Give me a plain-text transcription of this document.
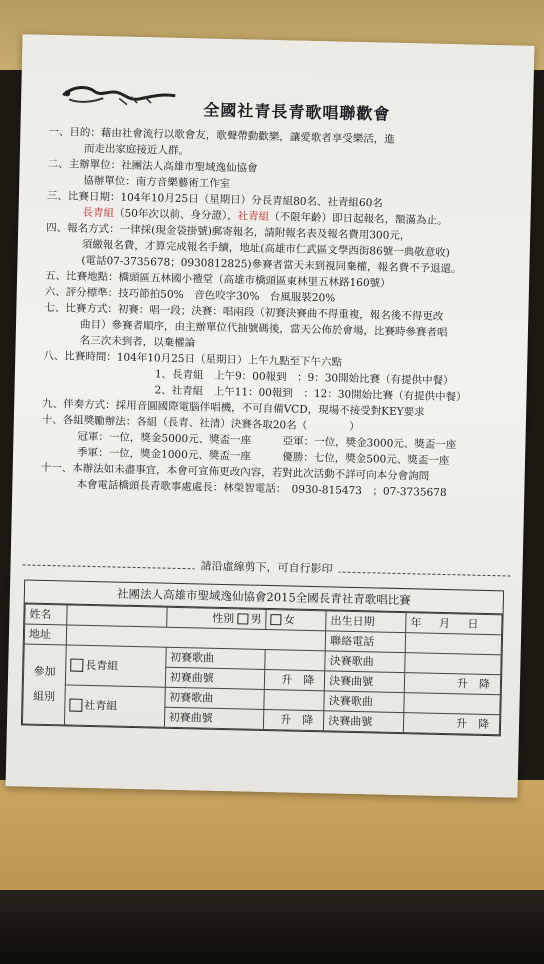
全國社青長青歌唱聯歡會
一、目的：藉由社會流行以歌會友，歌聲帶動歡樂，讓愛歌者享受樂活，進
而走出家庭接近人群。
二、主辦單位：社團法人高雄市聖域逸仙協會
協辦單位：南方音樂藝術工作室
三、比賽日期：104年10月25日（星期日）分長青組80名、社青組60名
長青組（50年次以前、身分證），社青組（不限年齡）即日起報名，額滿為止。
四、報名方式：一律採(現金袋掛號)郵寄報名，請附報名表及報名費用300元，
須繳報名費，才算完成報名手續，地址(高雄市仁武區文學西街86號一典敬意收)
(電話07-3735678；0930812825)參賽者當天未到視同棄權，報名費不予退還。
五、比賽地點：橋頭區五林國小禮堂（高雄市橋頭區東林里五林路160號）
六、評分標準：技巧節拍50%　音色咬字30%　台風服裝20%
七、比賽方式：初賽：唱一段；決賽：唱兩段（初賽決賽曲不得重複，報名後不得更改
曲目）參賽者順序，由主辦單位代抽號碼後，當天公佈於會場，比賽時參賽者唱
名三次未到者，以棄權論
八、比賽時間：104年10月25日（星期日）上午九點至下午六點
1、長青組　上午9：00報到　：9：30開始比賽（有提供中餐）
2、社青組　上午11：00報到　：12：30開始比賽（有提供中餐）
九、伴奏方式：採用音圓國際電腦伴唱機，不可自備VCD，現場不接受對KEY要求
十、各組獎勵辦法：各組（長青、社清）決賽各取20名（　　　　）
冠軍：一位，獎金5000元、獎盃一座　　　亞軍：一位，獎金3000元、獎盃一座
季軍：一位，獎金1000元、獎盃一座　　　優勝：七位，獎金500元、獎盃一座
十一、本辦法如未盡事宜，本會可宣佈更改內容，若對此次活動不詳可向本分會詢問
本會電話橋頭長青歌事處處長：林榮智電話：　0930-815473　；07-3735678
請沿虛線剪下，可自行影印
社團法人高雄市聖域逸仙協會2015全國長青社青歌唱比賽
姓名		性別 男	女	出生日期	年 月 日
地址				聯絡電話	
參加
組別	長青組	初賽歌曲		決賽歌曲	
		初賽曲號	升　 降	決賽曲號	升　 降
	社青組	初賽歌曲		決賽歌曲	
		初賽曲號	升　 降	決賽曲號	升　 降
